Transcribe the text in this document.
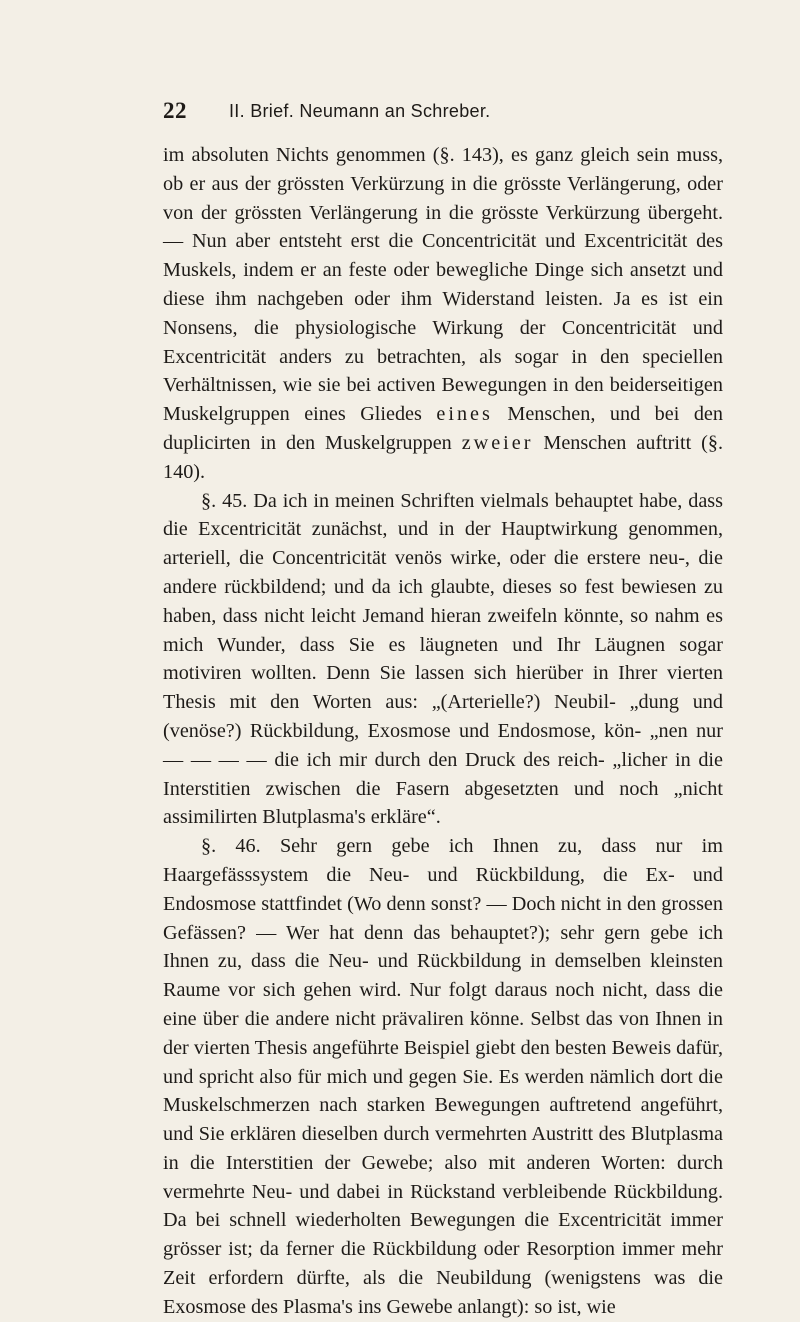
22 II. Brief. Neumann an Schreber.

im absoluten Nichts genommen (§. 143), es ganz gleich sein muss, ob er aus der grössten Verkürzung in die grösste Verlängerung, oder von der grössten Verlängerung in die grösste Verkürzung übergeht. — Nun aber entsteht erst die Concentricität und Excentricität des Muskels, indem er an feste oder bewegliche Dinge sich ansetzt und diese ihm nachgeben oder ihm Widerstand leisten. Ja es ist ein Nonsens, die physiologische Wirkung der Concentricität und Excentricität anders zu betrachten, als sogar in den speciellen Verhältnissen, wie sie bei activen Bewegungen in den beiderseitigen Muskelgruppen eines Gliedes eines Menschen, und bei den duplicirten in den Muskelgruppen zweier Menschen auftritt (§. 140).

§. 45. Da ich in meinen Schriften vielmals behauptet habe, dass die Excentricität zunächst, und in der Hauptwirkung genommen, arteriell, die Concentricität venös wirke, oder die erstere neu-, die andere rückbildend; und da ich glaubte, dieses so fest bewiesen zu haben, dass nicht leicht Jemand hieran zweifeln könnte, so nahm es mich Wunder, dass Sie es läugneten und Ihr Läugnen sogar motiviren wollten. Denn Sie lassen sich hierüber in Ihrer vierten Thesis mit den Worten aus: „(Arterielle?) Neubil- „dung und (venöse?) Rückbildung, Exosmose und Endosmose, kön- „nen nur — — — — die ich mir durch den Druck des reich- „licher in die Interstitien zwischen die Fasern abgesetzten und noch „nicht assimilirten Blutplasma's erkläre“.

§. 46. Sehr gern gebe ich Ihnen zu, dass nur im Haargefässsystem die Neu- und Rückbildung, die Ex- und Endosmose stattfindet (Wo denn sonst? — Doch nicht in den grossen Gefässen? — Wer hat denn das behauptet?); sehr gern gebe ich Ihnen zu, dass die Neu- und Rückbildung in demselben kleinsten Raume vor sich gehen wird. Nur folgt daraus noch nicht, dass die eine über die andere nicht prävaliren könne. Selbst das von Ihnen in der vierten Thesis angeführte Beispiel giebt den besten Beweis dafür, und spricht also für mich und gegen Sie. Es werden nämlich dort die Muskelschmerzen nach starken Bewegungen auftretend angeführt, und Sie erklären dieselben durch vermehrten Austritt des Blutplasma in die Interstitien der Gewebe; also mit anderen Worten: durch vermehrte Neu- und dabei in Rückstand verbleibende Rückbildung. Da bei schnell wiederholten Bewegungen die Excentricität immer grösser ist; da ferner die Rückbildung oder Resorption immer mehr Zeit erfordern dürfte, als die Neubildung (wenigstens was die Exosmose des Plasma's ins Gewebe anlangt): so ist, wie
